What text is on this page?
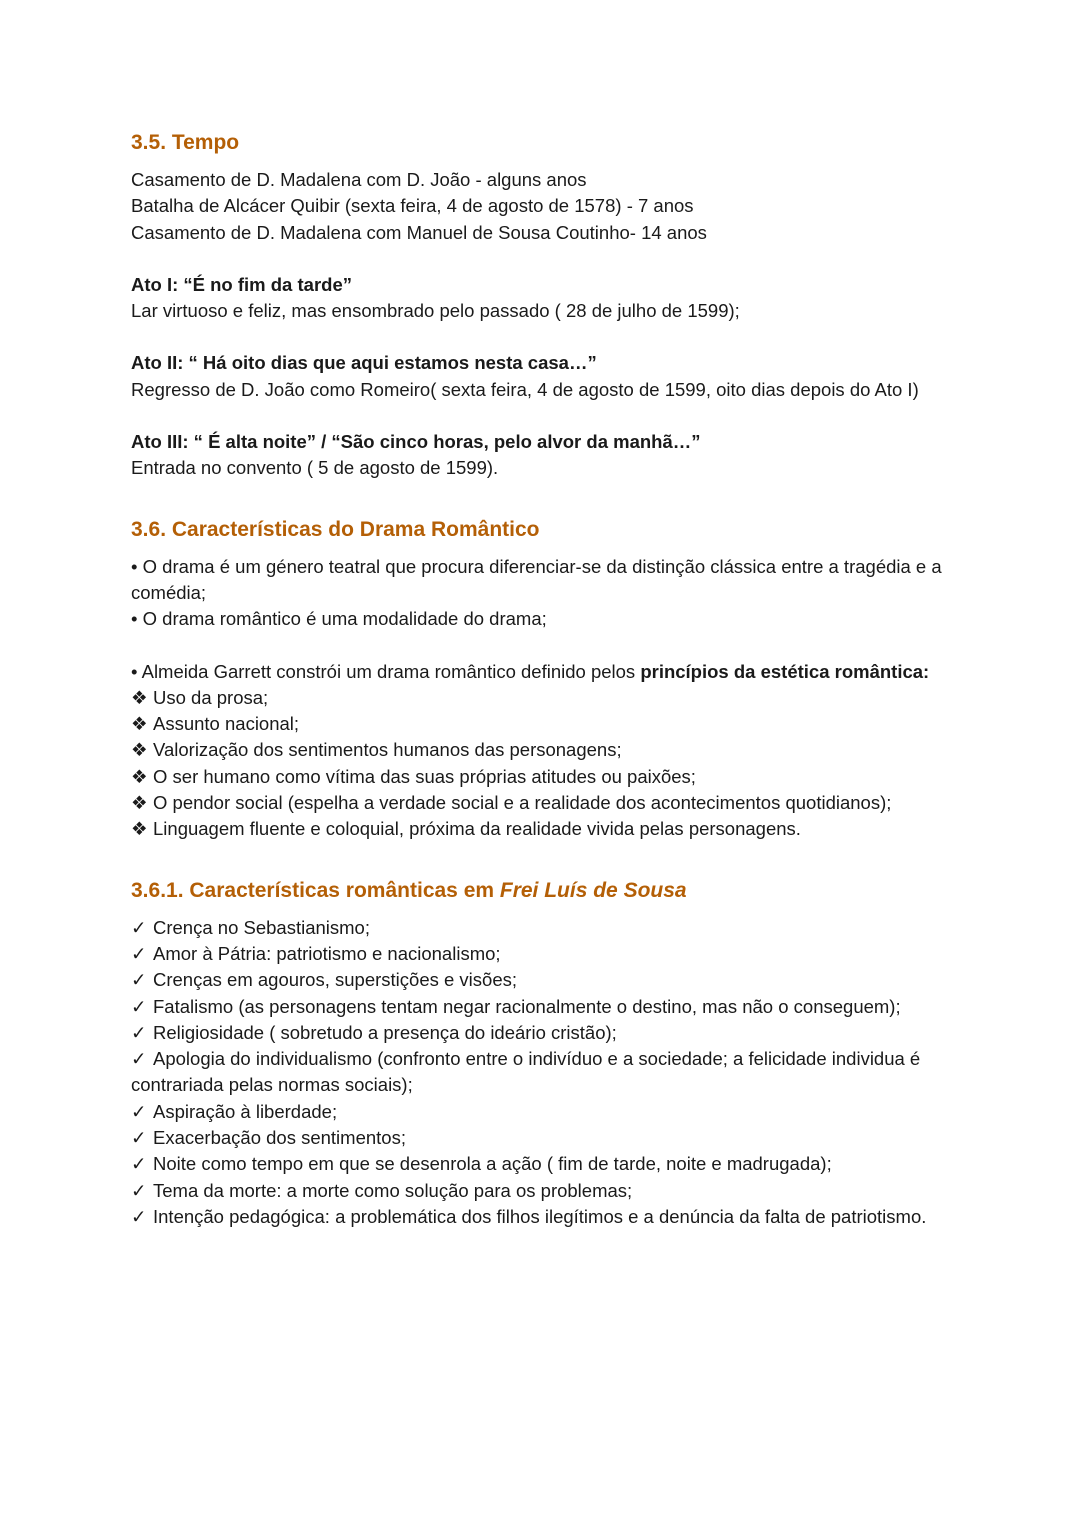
3.5. Tempo

Casamento de D. Madalena com D. João - alguns anos

Batalha de Alcácer Quibir (sexta feira, 4 de agosto de 1578) - 7 anos

Casamento de D. Madalena com Manuel de Sousa Coutinho- 14 anos

Ato I: “É no fim da tarde”

Lar virtuoso e feliz, mas ensombrado pelo passado ( 28 de julho de 1599);

Ato II: “ Há oito dias que aqui estamos nesta casa…”

Regresso de D. João como Romeiro( sexta feira, 4 de agosto de 1599, oito dias depois do Ato I)

Ato III: “ É alta noite” / “São cinco horas, pelo alvor da manhã…”

Entrada no convento ( 5 de agosto de 1599).

3.6. Características do Drama Romântico

• O drama é um género teatral que procura diferenciar-se da distinção clássica entre a tragédia e a comédia;

• O drama romântico é uma modalidade do drama;

• Almeida Garrett constrói um drama romântico definido pelos princípios da estética romântica:

❖ Uso da prosa;

❖ Assunto nacional;

❖ Valorização dos sentimentos humanos das personagens;

❖ O ser humano como vítima das suas próprias atitudes ou paixões;

❖ O pendor social (espelha a verdade social e a realidade dos acontecimentos quotidianos);

❖ Linguagem fluente e coloquial, próxima da realidade vivida pelas personagens.

3.6.1. Características românticas em Frei Luís de Sousa

✓ Crença no Sebastianismo;

✓ Amor à Pátria: patriotismo e nacionalismo;

✓ Crenças em agouros, superstições e visões;

✓ Fatalismo (as personagens tentam negar racionalmente o destino, mas não o conseguem);

✓ Religiosidade ( sobretudo a presença do ideário cristão);

✓ Apologia do individualismo (confronto entre o indivíduo e a sociedade; a felicidade individua é contrariada pelas normas sociais);

✓ Aspiração à liberdade;

✓ Exacerbação dos sentimentos;

✓ Noite como tempo em que se desenrola a ação ( fim de tarde, noite e madrugada);

✓ Tema da morte: a morte como solução para os problemas;

✓ Intenção pedagógica: a problemática dos filhos ilegítimos e a denúncia da falta de patriotismo.
